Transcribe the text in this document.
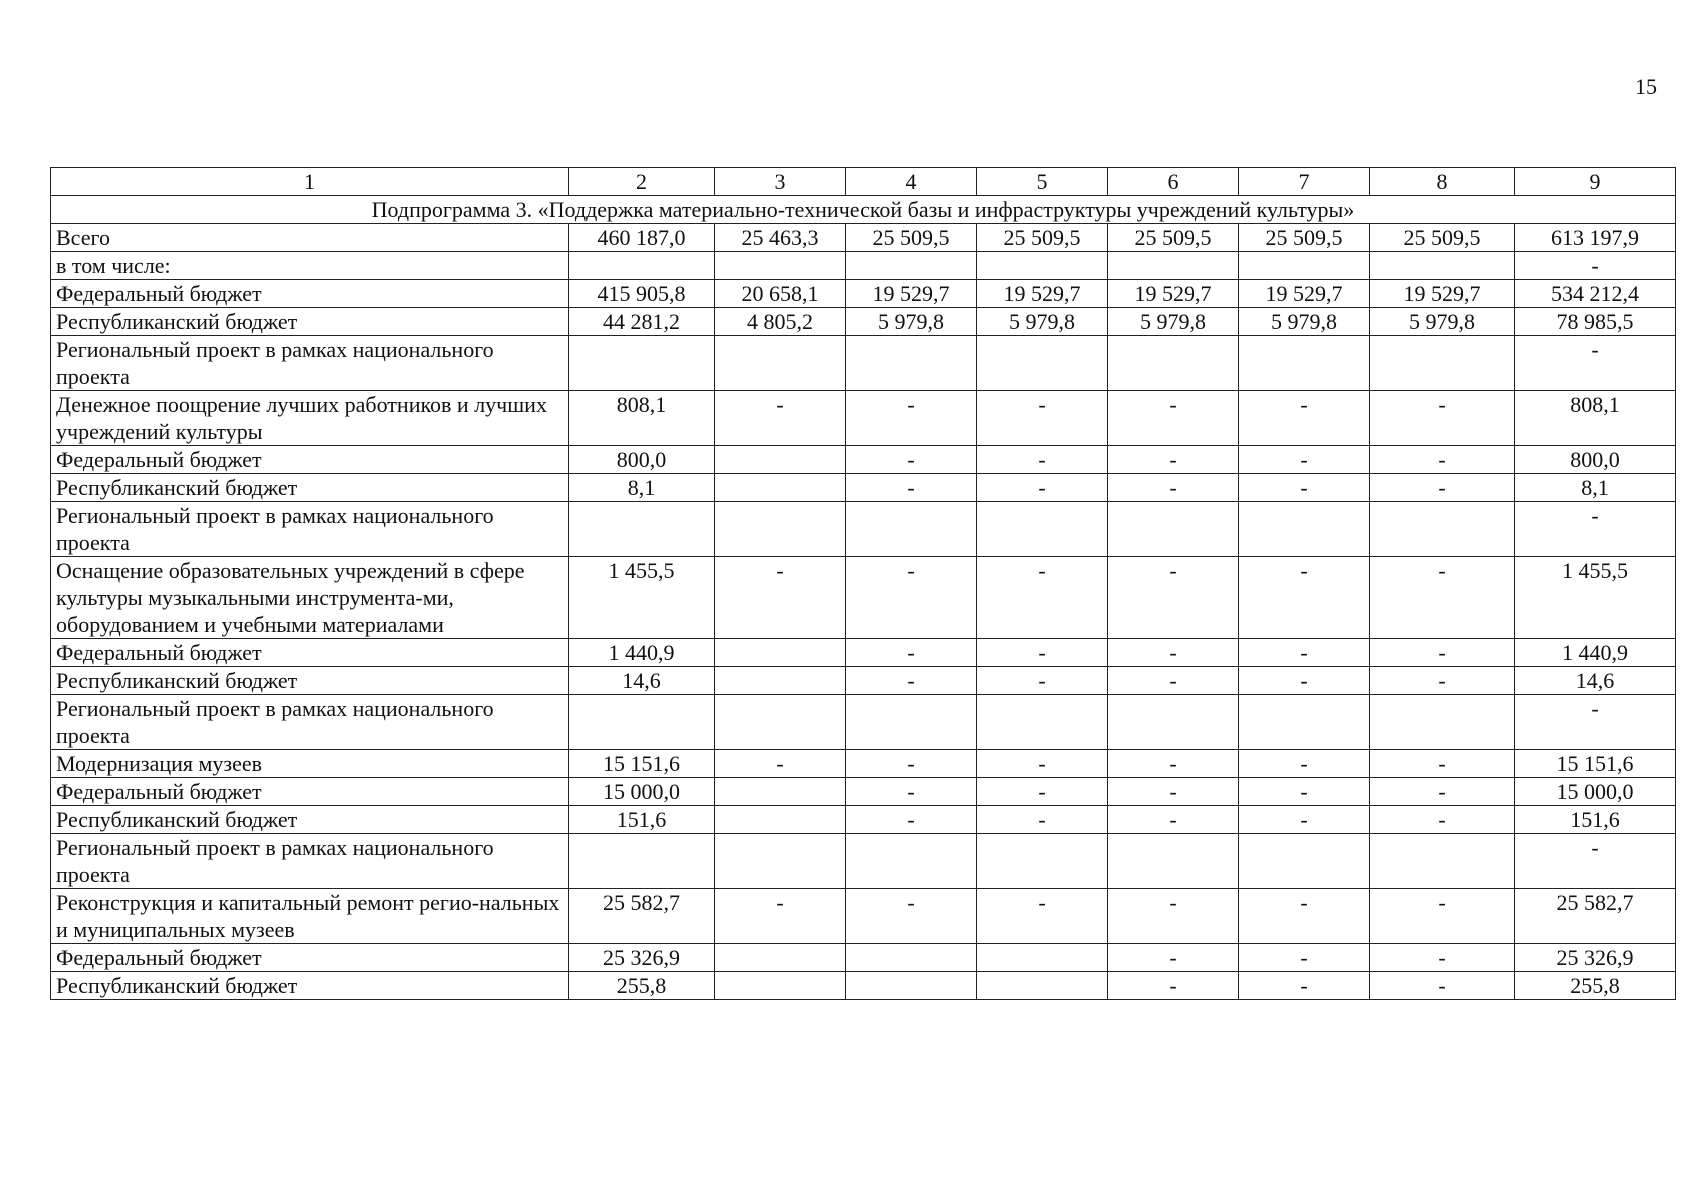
15
1	2	3	4	5	6	7	8	9
Подпрограмма 3. «Поддержка материально-технической базы и инфраструктуры учреждений культуры»								
Всего	460 187,0	25 463,3	25 509,5	25 509,5	25 509,5	25 509,5	25 509,5	613 197,9
в том числе:								-
Федеральный бюджет	415 905,8	20 658,1	19 529,7	19 529,7	19 529,7	19 529,7	19 529,7	534 212,4
Республиканский бюджет	44 281,2	4 805,2	5 979,8	5 979,8	5 979,8	5 979,8	5 979,8	78 985,5
Региональный проект в рамках национального проекта								-
Денежное поощрение лучших работников и лучших учреждений культуры	808,1	-	-	-	-	-	-	808,1
Федеральный бюджет	800,0		-	-	-	-	-	800,0
Республиканский бюджет	8,1		-	-	-	-	-	8,1
Региональный проект в рамках национального проекта								-
Оснащение образовательных учреждений в сфере культуры музыкальными инструмента-ми, оборудованием и учебными материалами	1 455,5	-	-	-	-	-	-	1 455,5
Федеральный бюджет	1 440,9		-	-	-	-	-	1 440,9
Республиканский бюджет	14,6		-	-	-	-	-	14,6
Региональный проект в рамках национального проекта								-
Модернизация музеев	15 151,6	-	-	-	-	-	-	15 151,6
Федеральный бюджет	15 000,0		-	-	-	-	-	15 000,0
Республиканский бюджет	151,6		-	-	-	-	-	151,6
Региональный проект в рамках национального проекта								-
Реконструкция и капитальный ремонт регио-нальных и муниципальных музеев	25 582,7	-	-	-	-	-	-	25 582,7
Федеральный бюджет	25 326,9				-	-	-	25 326,9
Республиканский бюджет	255,8				-	-	-	255,8
